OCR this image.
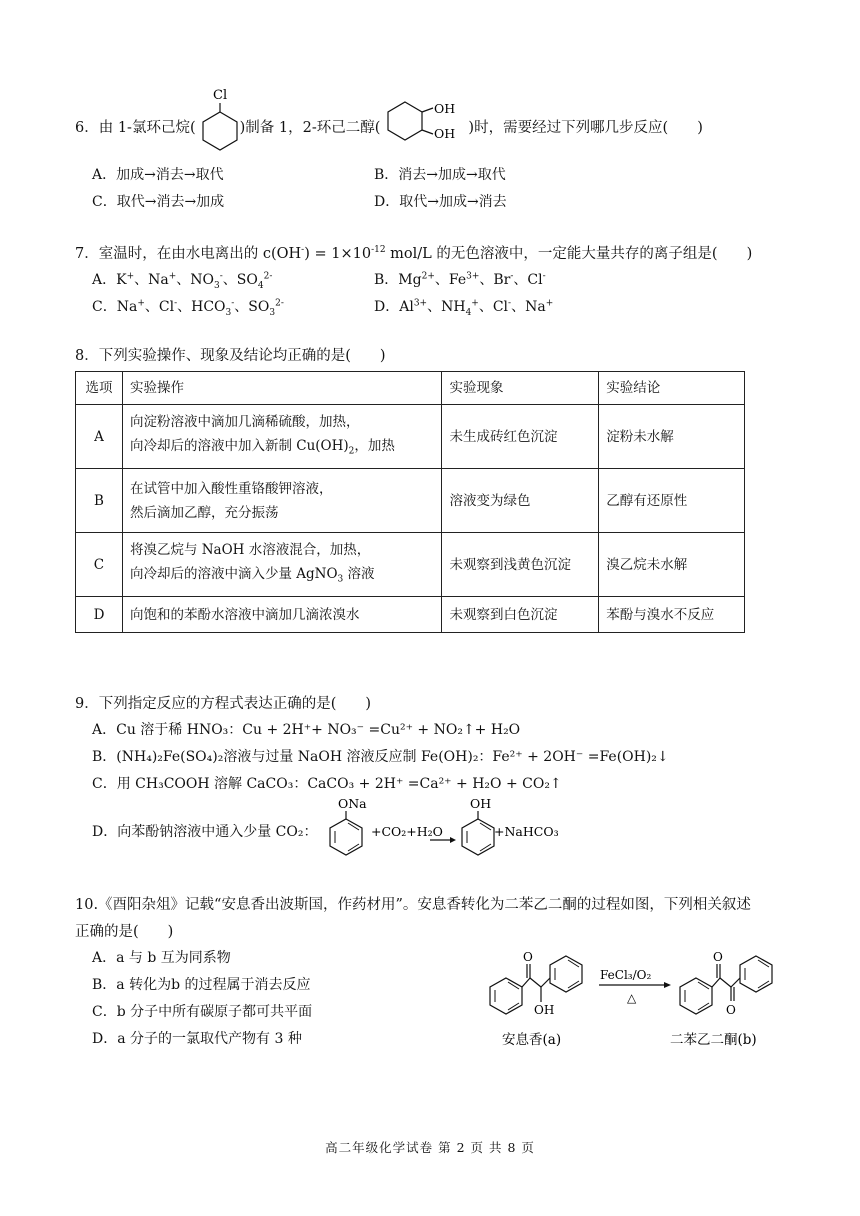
6．由 1-氯环己烷(	)制备 1，2-环己二醇(	)时，需要经过下列哪几步反应(　　)
Cl
OH
OH
A．加成→消去→取代	B．消去→加成→取代
C．取代→消去→加成	D．取代→加成→消去
7．室温时，在由水电离出的 $c(OH^-) = 1\times 10^{-12}$ mol/L 的无色溶液中，一定能大量共存的离子组是(　　)
A．K+、Na+、$NO_3^-$、$SO_4^{2-}$	B．$Mg^{2+}$、$Fe^{3+}$、Br-、Cl-
C．Na+、Cl-、$HCO_3^-$、$SO_3^{2-}$	D．$Al^{3+}$、$NH_4^+$、Cl-、Na+
8．下列实验操作、现象及结论均正确的是(　　)
选项	实验操作	实验现象	实验结论
A	向淀粉溶液中滴加几滴稀硫酸，加热，
向冷却后的溶液中加入新制 $Cu(OH)_2$，加热	未生成砖红色沉淀	淀粉未水解
B	在试管中加入酸性重铬酸钾溶液，
然后滴加乙醇，充分振荡	溶液变为绿色	乙醇有还原性
C	将溴乙烷与 NaOH 水溶液混合，加热，
向冷却后的溶液中滴入少量 AgNO$_3$ 溶液	未观察到浅黄色沉淀	溴乙烷未水解
D	向饱和的苯酚水溶液中滴加几滴浓溴水	未观察到白色沉淀	苯酚与溴水不反应
9．下列指定反应的方程式表达正确的是(　　)
A．Cu 溶于稀 HNO₃：Cu + 2H⁺+ NO₃⁻ =Cu²⁺ + NO₂↑+ H₂O
B．(NH₄)₂Fe(SO₄)₂溶液与过量 NaOH 溶液反应制 Fe(OH)₂：Fe²⁺ + 2OH⁻ =Fe(OH)₂↓
C．用 CH₃COOH 溶解 CaCO₃：CaCO₃ + 2H⁺ =Ca²⁺ + H₂O + CO₂↑
D．向苯酚钠溶液中通入少量 CO₂：
ONa
+CO₂+H₂O
OH
+NaHCO₃
10.《酉阳杂俎》记载“安息香出波斯国，作药材用”。安息香转化为二苯乙二酮的过程如图，下列相关叙述
正确的是(　　)
A．a 与 b 互为同系物
B．a 转化为b 的过程属于消去反应
C．b 分子中所有碳原子都可共平面
D．a 分子的一氯取代产物有 3 种
O
OH
安息香(a)
FeCl₃/O₂
△
O
O
二苯乙二酮(b)
高二年级化学试卷 第 2 页 共 8 页
